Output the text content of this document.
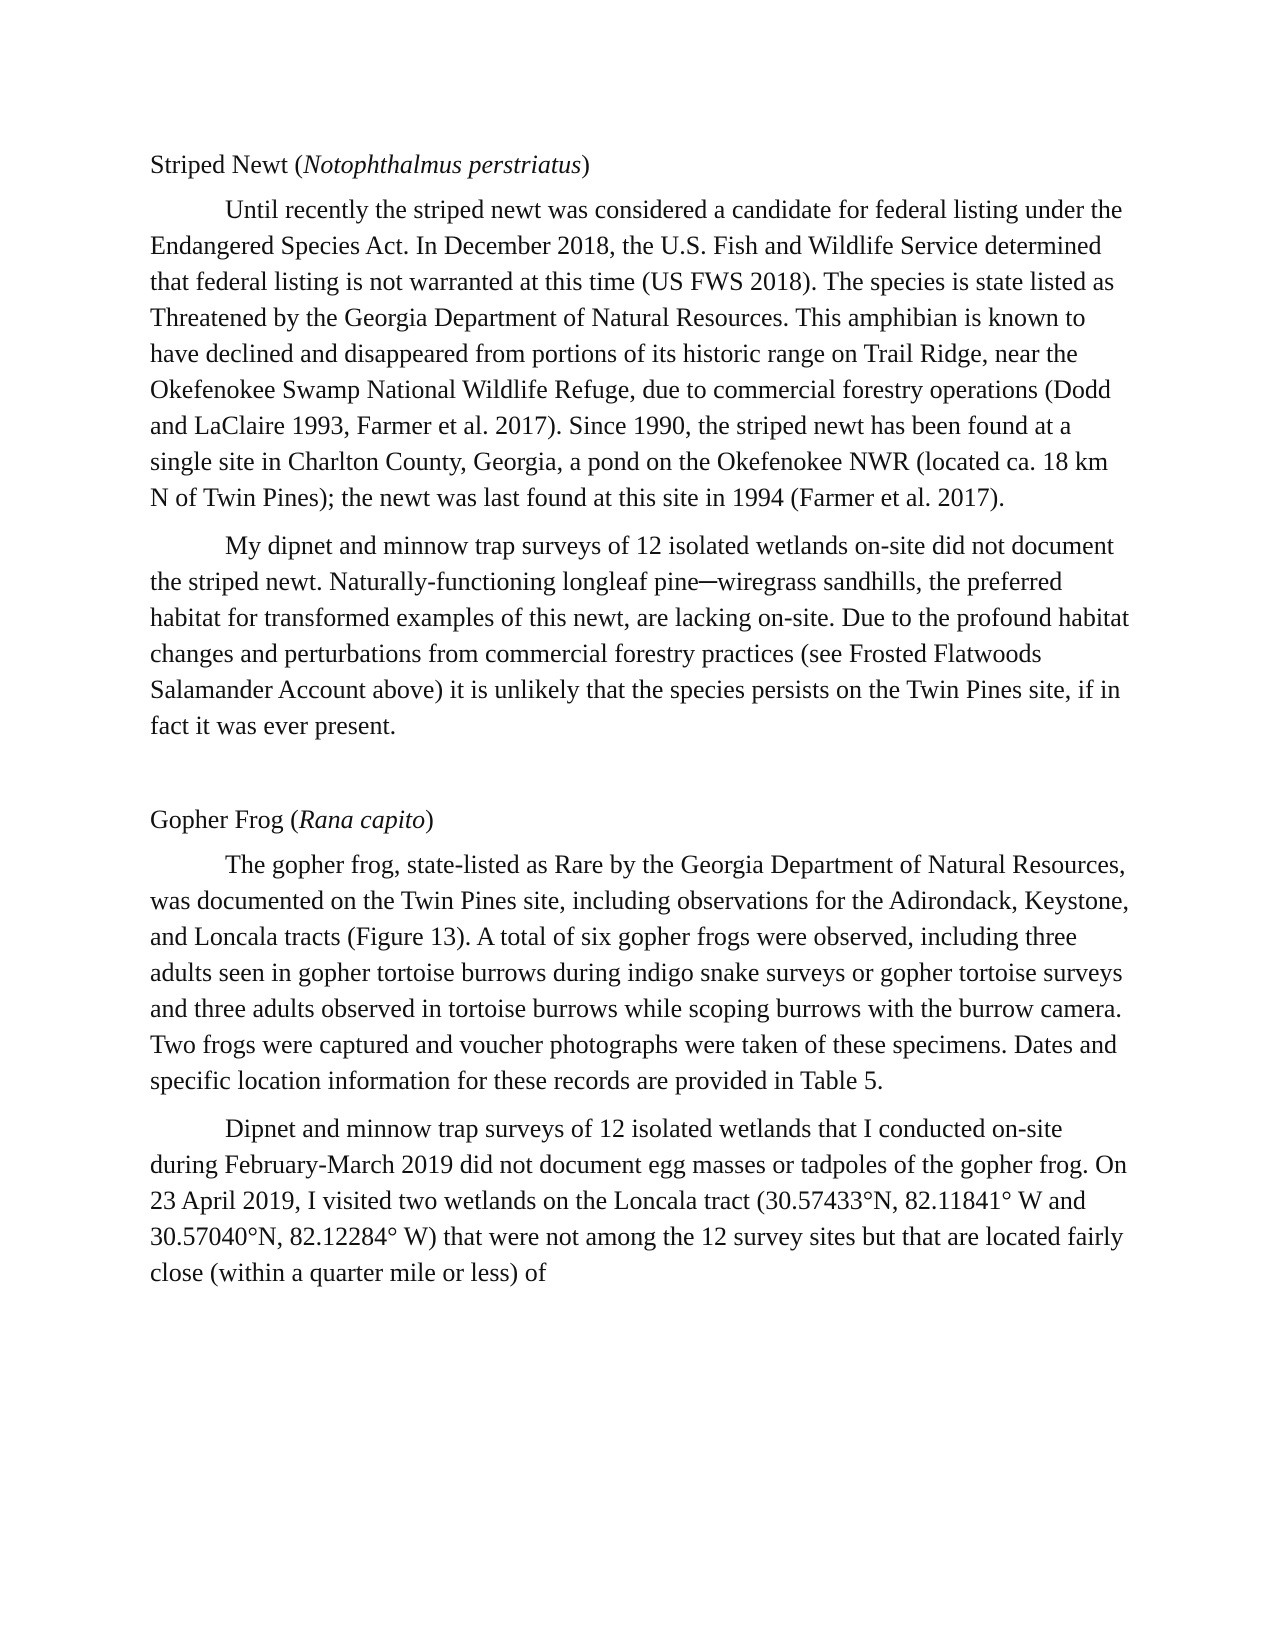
Striped Newt (Notophthalmus perstriatus)

Until recently the striped newt was considered a candidate for federal listing under the Endangered Species Act. In December 2018, the U.S. Fish and Wildlife Service determined that federal listing is not warranted at this time (US FWS 2018). The species is state listed as Threatened by the Georgia Department of Natural Resources. This amphibian is known to have declined and disappeared from portions of its historic range on Trail Ridge, near the Okefenokee Swamp National Wildlife Refuge, due to commercial forestry operations (Dodd and LaClaire 1993, Farmer et al. 2017). Since 1990, the striped newt has been found at a single site in Charlton County, Georgia, a pond on the Okefenokee NWR (located ca. 18 km N of Twin Pines); the newt was last found at this site in 1994 (Farmer et al. 2017).

My dipnet and minnow trap surveys of 12 isolated wetlands on-site did not document the striped newt. Naturally-functioning longleaf pine─wiregrass sandhills, the preferred habitat for transformed examples of this newt, are lacking on-site. Due to the profound habitat changes and perturbations from commercial forestry practices (see Frosted Flatwoods Salamander Account above) it is unlikely that the species persists on the Twin Pines site, if in fact it was ever present.

Gopher Frog (Rana capito)

The gopher frog, state-listed as Rare by the Georgia Department of Natural Resources, was documented on the Twin Pines site, including observations for the Adirondack, Keystone, and Loncala tracts (Figure 13). A total of six gopher frogs were observed, including three adults seen in gopher tortoise burrows during indigo snake surveys or gopher tortoise surveys and three adults observed in tortoise burrows while scoping burrows with the burrow camera. Two frogs were captured and voucher photographs were taken of these specimens. Dates and specific location information for these records are provided in Table 5.

Dipnet and minnow trap surveys of 12 isolated wetlands that I conducted on-site during February-March 2019 did not document egg masses or tadpoles of the gopher frog. On 23 April 2019, I visited two wetlands on the Loncala tract (30.57433°N, 82.11841° W and 30.57040°N, 82.12284° W) that were not among the 12 survey sites but that are located fairly close (within a quarter mile or less) of
